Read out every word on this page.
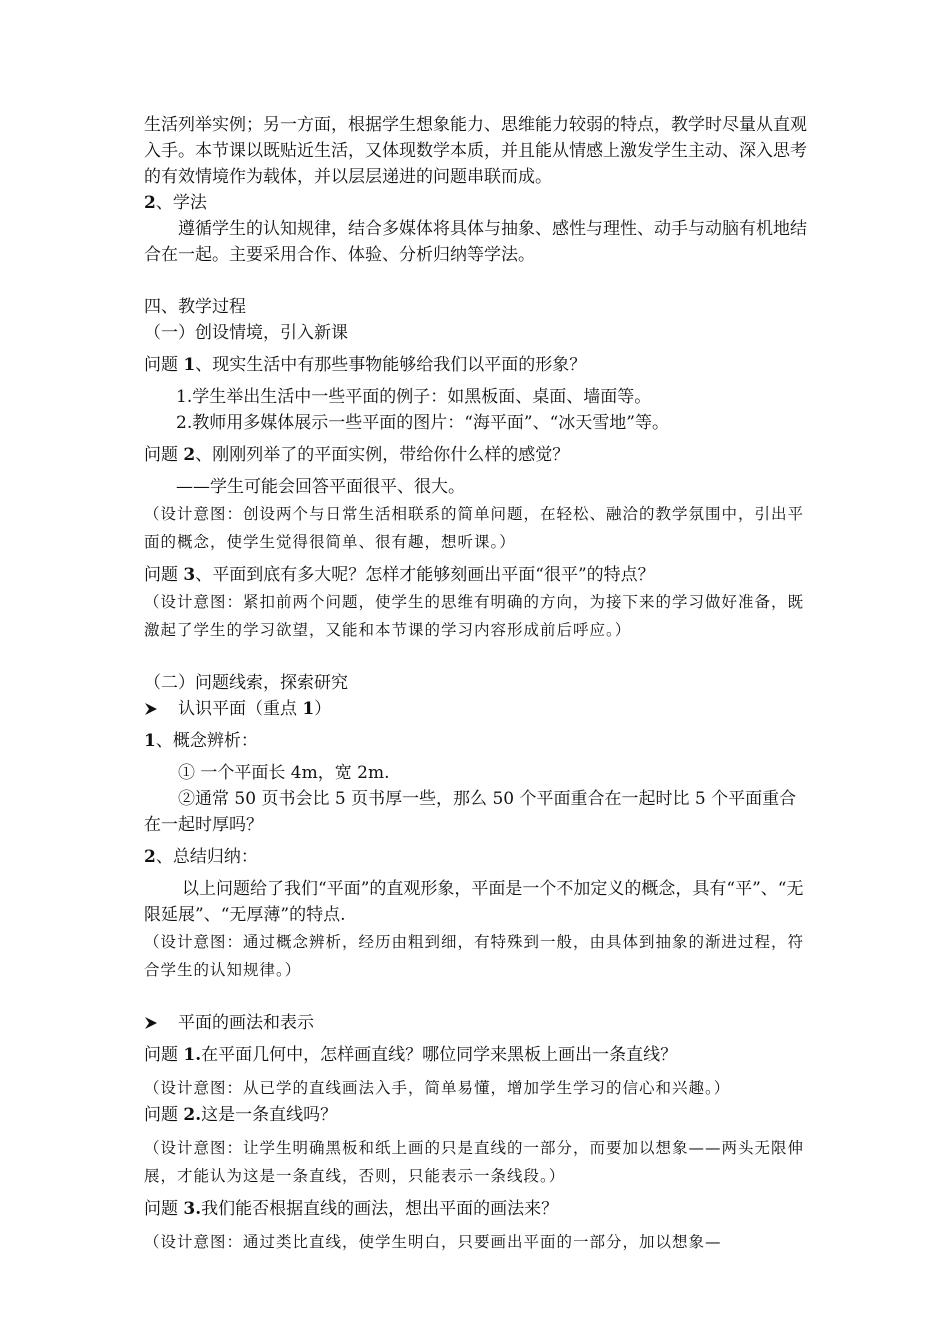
生活列举实例；另一方面，根据学生想象能力、思维能力较弱的特点，教学时尽量从直观入手。本节课以既贴近生活，又体现数学本质，并且能从情感上激发学生主动、深入思考的有效情境作为载体，并以层层递进的问题串联而成。

2、学法

遵循学生的认知规律，结合多媒体将具体与抽象、感性与理性、动手与动脑有机地结合在一起。主要采用合作、体验、分析归纳等学法。

四、教学过程

（一）创设情境，引入新课

问题 1、现实生活中有那些事物能够给我们以平面的形象？

1.学生举出生活中一些平面的例子：如黑板面、桌面、墙面等。

2.教师用多媒体展示一些平面的图片：“海平面”、“冰天雪地”等。

问题 2、刚刚列举了的平面实例，带给你什么样的感觉？

——学生可能会回答平面很平、很大。

（设计意图：创设两个与日常生活相联系的简单问题，在轻松、融洽的教学氛围中，引出平面的概念，使学生觉得很简单、很有趣，想听课。）

问题 3、平面到底有多大呢？怎样才能够刻画出平面“很平”的特点？

（设计意图：紧扣前两个问题，使学生的思维有明确的方向，为接下来的学习做好准备，既激起了学生的学习欲望，又能和本节课的学习内容形成前后呼应。）

（二）问题线索，探索研究

认识平面（重点 1）

1、概念辨析：

① 一个平面长 4m，宽 2m.

②通常 50 页书会比 5 页书厚一些，那么 50 个平面重合在一起时比 5 个平面重合在一起时厚吗？

2、总结归纳：

以上问题给了我们“平面”的直观形象，平面是一个不加定义的概念，具有“平”、“无限延展”、“无厚薄”的特点.

（设计意图：通过概念辨析，经历由粗到细，有特殊到一般，由具体到抽象的渐进过程，符合学生的认知规律。）

平面的画法和表示

问题 1.在平面几何中，怎样画直线？哪位同学来黑板上画出一条直线？

（设计意图：从已学的直线画法入手，简单易懂，增加学生学习的信心和兴趣。）

问题 2.这是一条直线吗？

（设计意图：让学生明确黑板和纸上画的只是直线的一部分，而要加以想象——两头无限伸展，才能认为这是一条直线，否则，只能表示一条线段。）

问题 3.我们能否根据直线的画法，想出平面的画法来？

（设计意图：通过类比直线，使学生明白，只要画出平面的一部分，加以想象—
